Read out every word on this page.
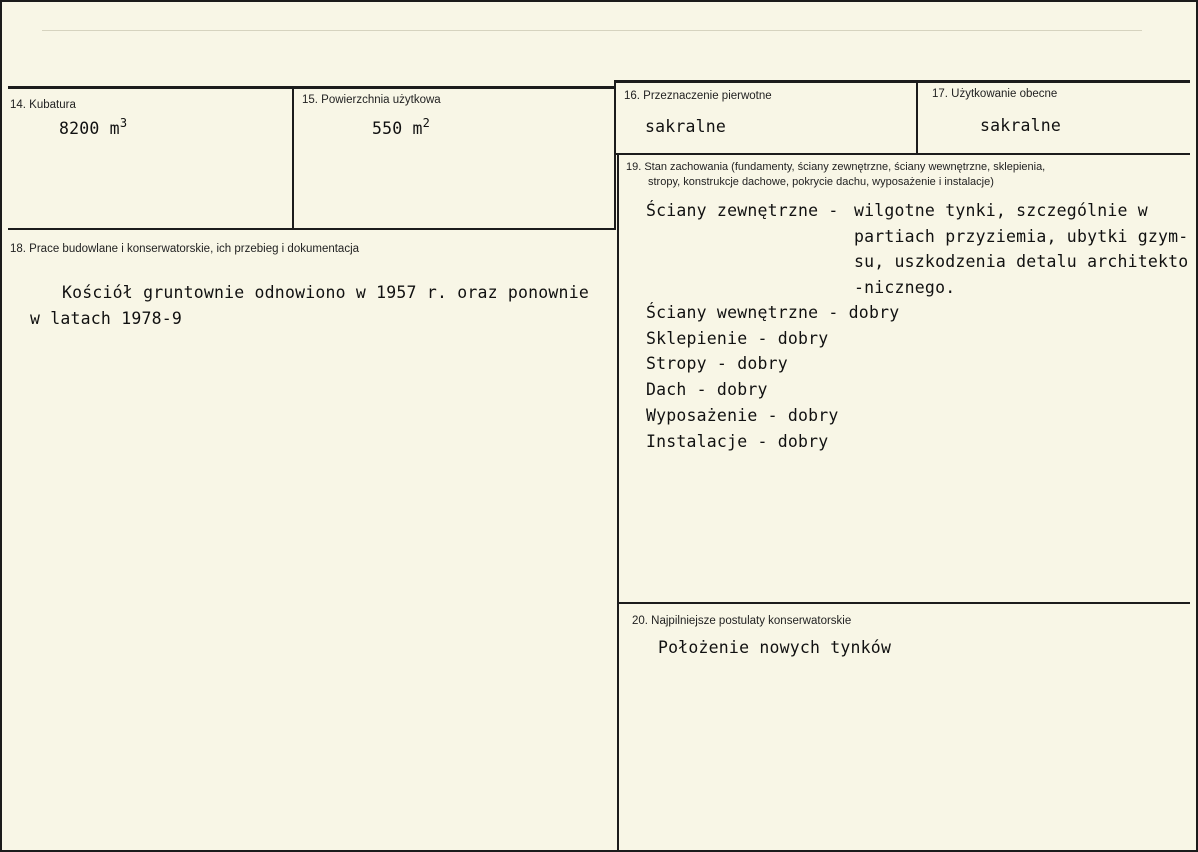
14. Kubatura
8200 $m^3$
15. Powierzchnia użytkowa
550 $m^2$
16. Przeznaczenie pierwotne
sakralne
17. Użytkowanie obecne
sakralne
18. Prace budowlane i konserwatorskie, ich przebieg i dokumentacja
Kościół gruntownie odnowiono w 1957 r. oraz ponownie
w latach 1978-9
19. Stan zachowania (fundamenty, ściany zewnętrzne, ściany wewnętrzne, sklepienia,
stropy, konstrukcje dachowe, pokrycie dachu, wyposażenie i instalacje)
Ściany zewnętrzne - wilgotne tynki, szczególnie w
partiach przyziemia, ubytki gzym-
su, uszkodzenia detalu architekto
-nicznego.
Ściany wewnętrzne - dobry
Sklepienie - dobry
Stropy - dobry
Dach - dobry
Wyposażenie - dobry
Instalacje - dobry
20. Najpilniejsze postulaty konserwatorskie
Położenie nowych tynków
